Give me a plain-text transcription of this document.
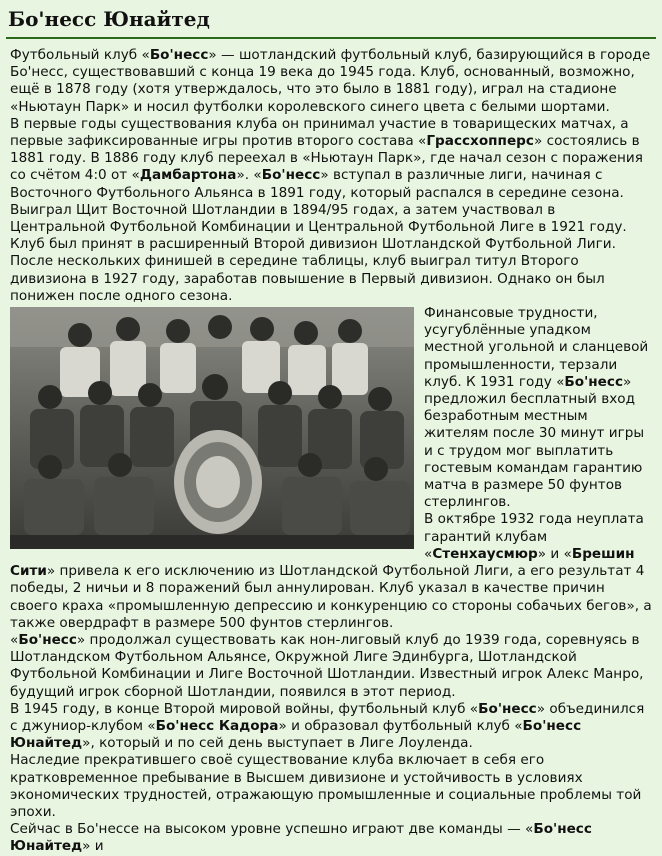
Бо'несс Юнайтед

Футбольный клуб «Бо'несс» — шотландский футбольный клуб, базирующийся в городе Бо'несс, существовавший с конца 19 века до 1945 года. Клуб, основанный, возможно, ещё в 1878 году (хотя утверждалось, что это было в 1881 году), играл на стадионе «Ньютаун Парк» и носил футболки королевского синего цвета с белыми шортами.

В первые годы существования клуба он принимал участие в товарищеских матчах, а первые зафиксированные игры против второго состава «Грассхопперс» состоялись в 1881 году. В 1886 году клуб переехал в «Ньютаун Парк», где начал сезон с поражения со счётом 4:0 от «Дамбартона». «Бо'несс» вступал в различные лиги, начиная с Восточного Футбольного Альянса в 1891 году, который распался в середине сезона. Выиграл Щит Восточной Шотландии в 1894/95 годах, а затем участвовал в Центральной Футбольной Комбинации и Центральной Футбольной Лиге в 1921 году.

Клуб был принят в расширенный Второй дивизион Шотландской Футбольной Лиги. После нескольких финишей в середине таблицы, клуб выиграл титул Второго дивизиона в 1927 году, заработав повышение в Первый дивизион. Однако он был понижен после одного сезона.

Финансовые трудности, усугублённые упадком местной угольной и сланцевой промышленности, терзали клуб. К 1931 году «Бо'несс» предложил бесплатный вход безработным местным жителям после 30 минут игры и с трудом мог выплатить гостевым командам гарантию матча в размере 50 фунтов стерлингов.

В октябре 1932 года неуплата гарантий клубам «Стенхаусмюр» и «Брешин Сити» привела к его исключению из Шотландской Футбольной Лиги, а его результат 4 победы, 2 ничьи и 8 поражений был аннулирован. Клуб указал в качестве причин своего краха «промышленную депрессию и конкуренцию со стороны собачьих бегов», а также овердрафт в размере 500 фунтов стерлингов.

«Бо'несс» продолжал существовать как нон-лиговый клуб до 1939 года, соревнуясь в Шотландском Футбольном Альянсе, Окружной Лиге Эдинбурга, Шотландской Футбольной Комбинации и Лиге Восточной Шотландии. Известный игрок Алекс Манро, будущий игрок сборной Шотландии, появился в этот период.

В 1945 году, в конце Второй мировой войны, футбольный клуб «Бо'несс» объединился с джуниор-клубом «Бо'несс Кадора» и образовал футбольный клуб «Бо'несс Юнайтед», который и по сей день выступает в Лиге Лоуленда.

Наследие прекратившего своё существование клуба включает в себя его кратковременное пребывание в Высшем дивизионе и устойчивость в условиях экономических трудностей, отражающую промышленные и социальные проблемы той эпохи.

Сейчас в Бо'нессе на высоком уровне успешно играют две команды — «Бо'несс Юнайтед» и
